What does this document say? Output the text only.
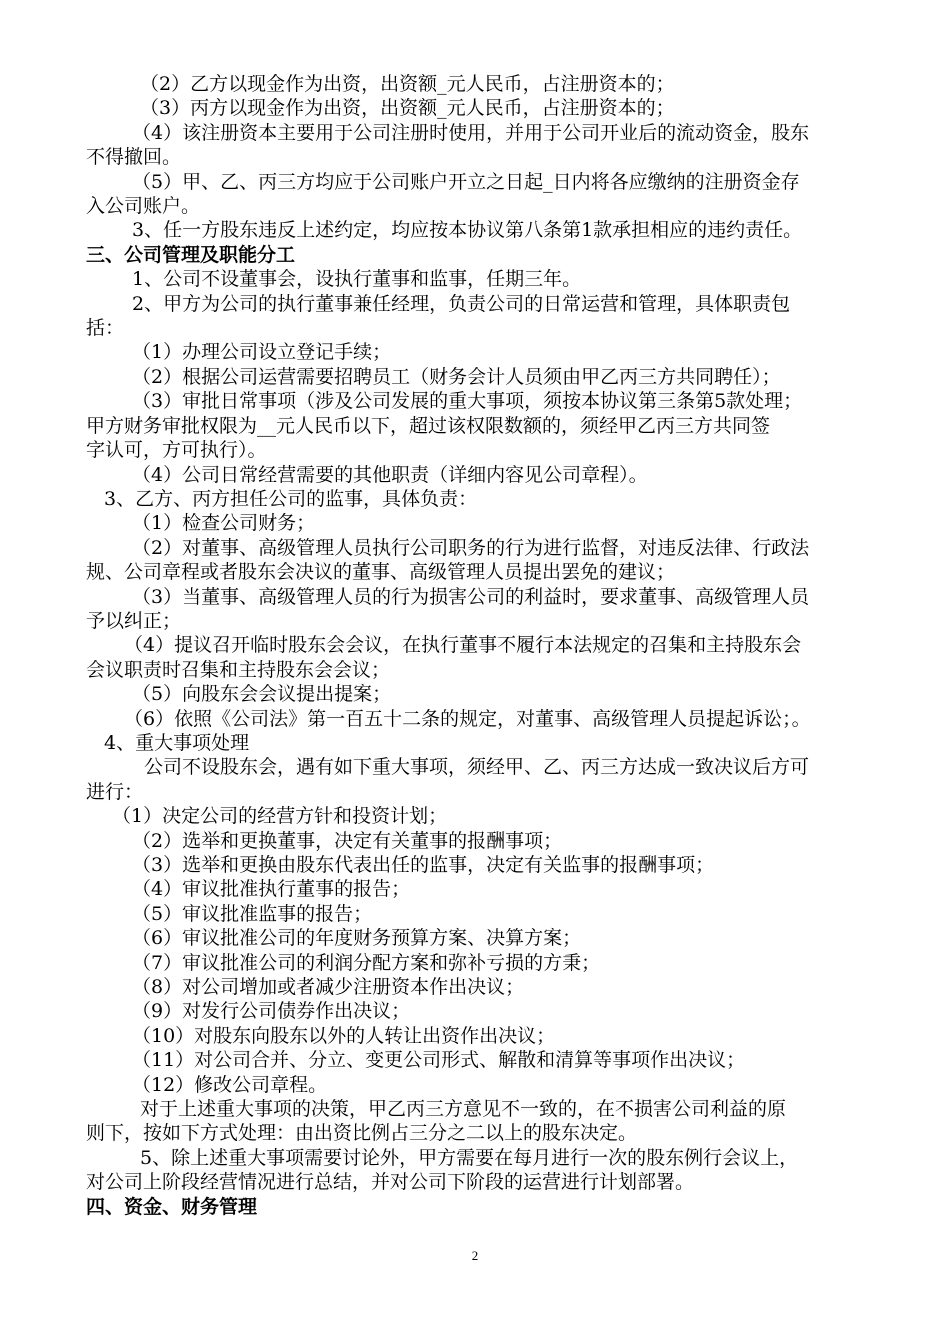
（2）乙方以现金作为出资，出资额_元人民币，占注册资本的；

（3）丙方以现金作为出资，出资额_元人民币，占注册资本的；

（4）该注册资本主要用于公司注册时使用，并用于公司开业后的流动资金，股东

不得撤回。

（5）甲、乙、丙三方均应于公司账户开立之日起_日内将各应缴纳的注册资金存

入公司账户。

3、任一方股东违反上述约定，均应按本协议第八条第1款承担相应的违约责任。

三、公司管理及职能分工

1、公司不设董事会，设执行董事和监事，任期三年。

2、甲方为公司的执行董事兼任经理，负责公司的日常运营和管理，具体职责包

括：

（1）办理公司设立登记手续；

（2）根据公司运营需要招聘员工（财务会计人员须由甲乙丙三方共同聘任）；

（3）审批日常事项（涉及公司发展的重大事项，须按本协议第三条第5款处理；

甲方财务审批权限为__元人民币以下，超过该权限数额的，须经甲乙丙三方共同签

字认可，方可执行）。

（4）公司日常经营需要的其他职责（详细内容见公司章程）。

3、乙方、丙方担任公司的监事，具体负责：

（1）检查公司财务；

（2）对董事、高级管理人员执行公司职务的行为进行监督，对违反法律、行政法

规、公司章程或者股东会决议的董事、高级管理人员提出罢免的建议；

（3）当董事、高级管理人员的行为损害公司的利益时，要求董事、高级管理人员

予以纠正；

（4）提议召开临时股东会会议，在执行董事不履行本法规定的召集和主持股东会

会议职责时召集和主持股东会会议；

（5）向股东会会议提出提案；

（6）依照《公司法》第一百五十二条的规定，对董事、高级管理人员提起诉讼；。

4、重大事项处理

公司不设股东会，遇有如下重大事项，须经甲、乙、丙三方达成一致决议后方可

进行：

（1）决定公司的经营方针和投资计划；

（2）选举和更换董事，决定有关董事的报酬事项；

（3）选举和更换由股东代表出任的监事，决定有关监事的报酬事项；

（4）审议批准执行董事的报告；

（5）审议批准监事的报告；

（6）审议批准公司的年度财务预算方案、决算方案；

（7）审议批准公司的利润分配方案和弥补亏损的方秉；

（8）对公司增加或者减少注册资本作出决议；

（9）对发行公司债券作出决议；

（10）对股东向股东以外的人转让出资作出决议；

（11）对公司合并、分立、变更公司形式、解散和清算等事项作出决议；

（12）修改公司章程。

对于上述重大事项的决策，甲乙丙三方意见不一致的，在不损害公司利益的原

则下，按如下方式处理：由出资比例占三分之二以上的股东决定。

5、除上述重大事项需要讨论外，甲方需要在每月进行一次的股东例行会议上，

对公司上阶段经营情况进行总结，并对公司下阶段的运营进行计划部署。

四、资金、财务管理

2
